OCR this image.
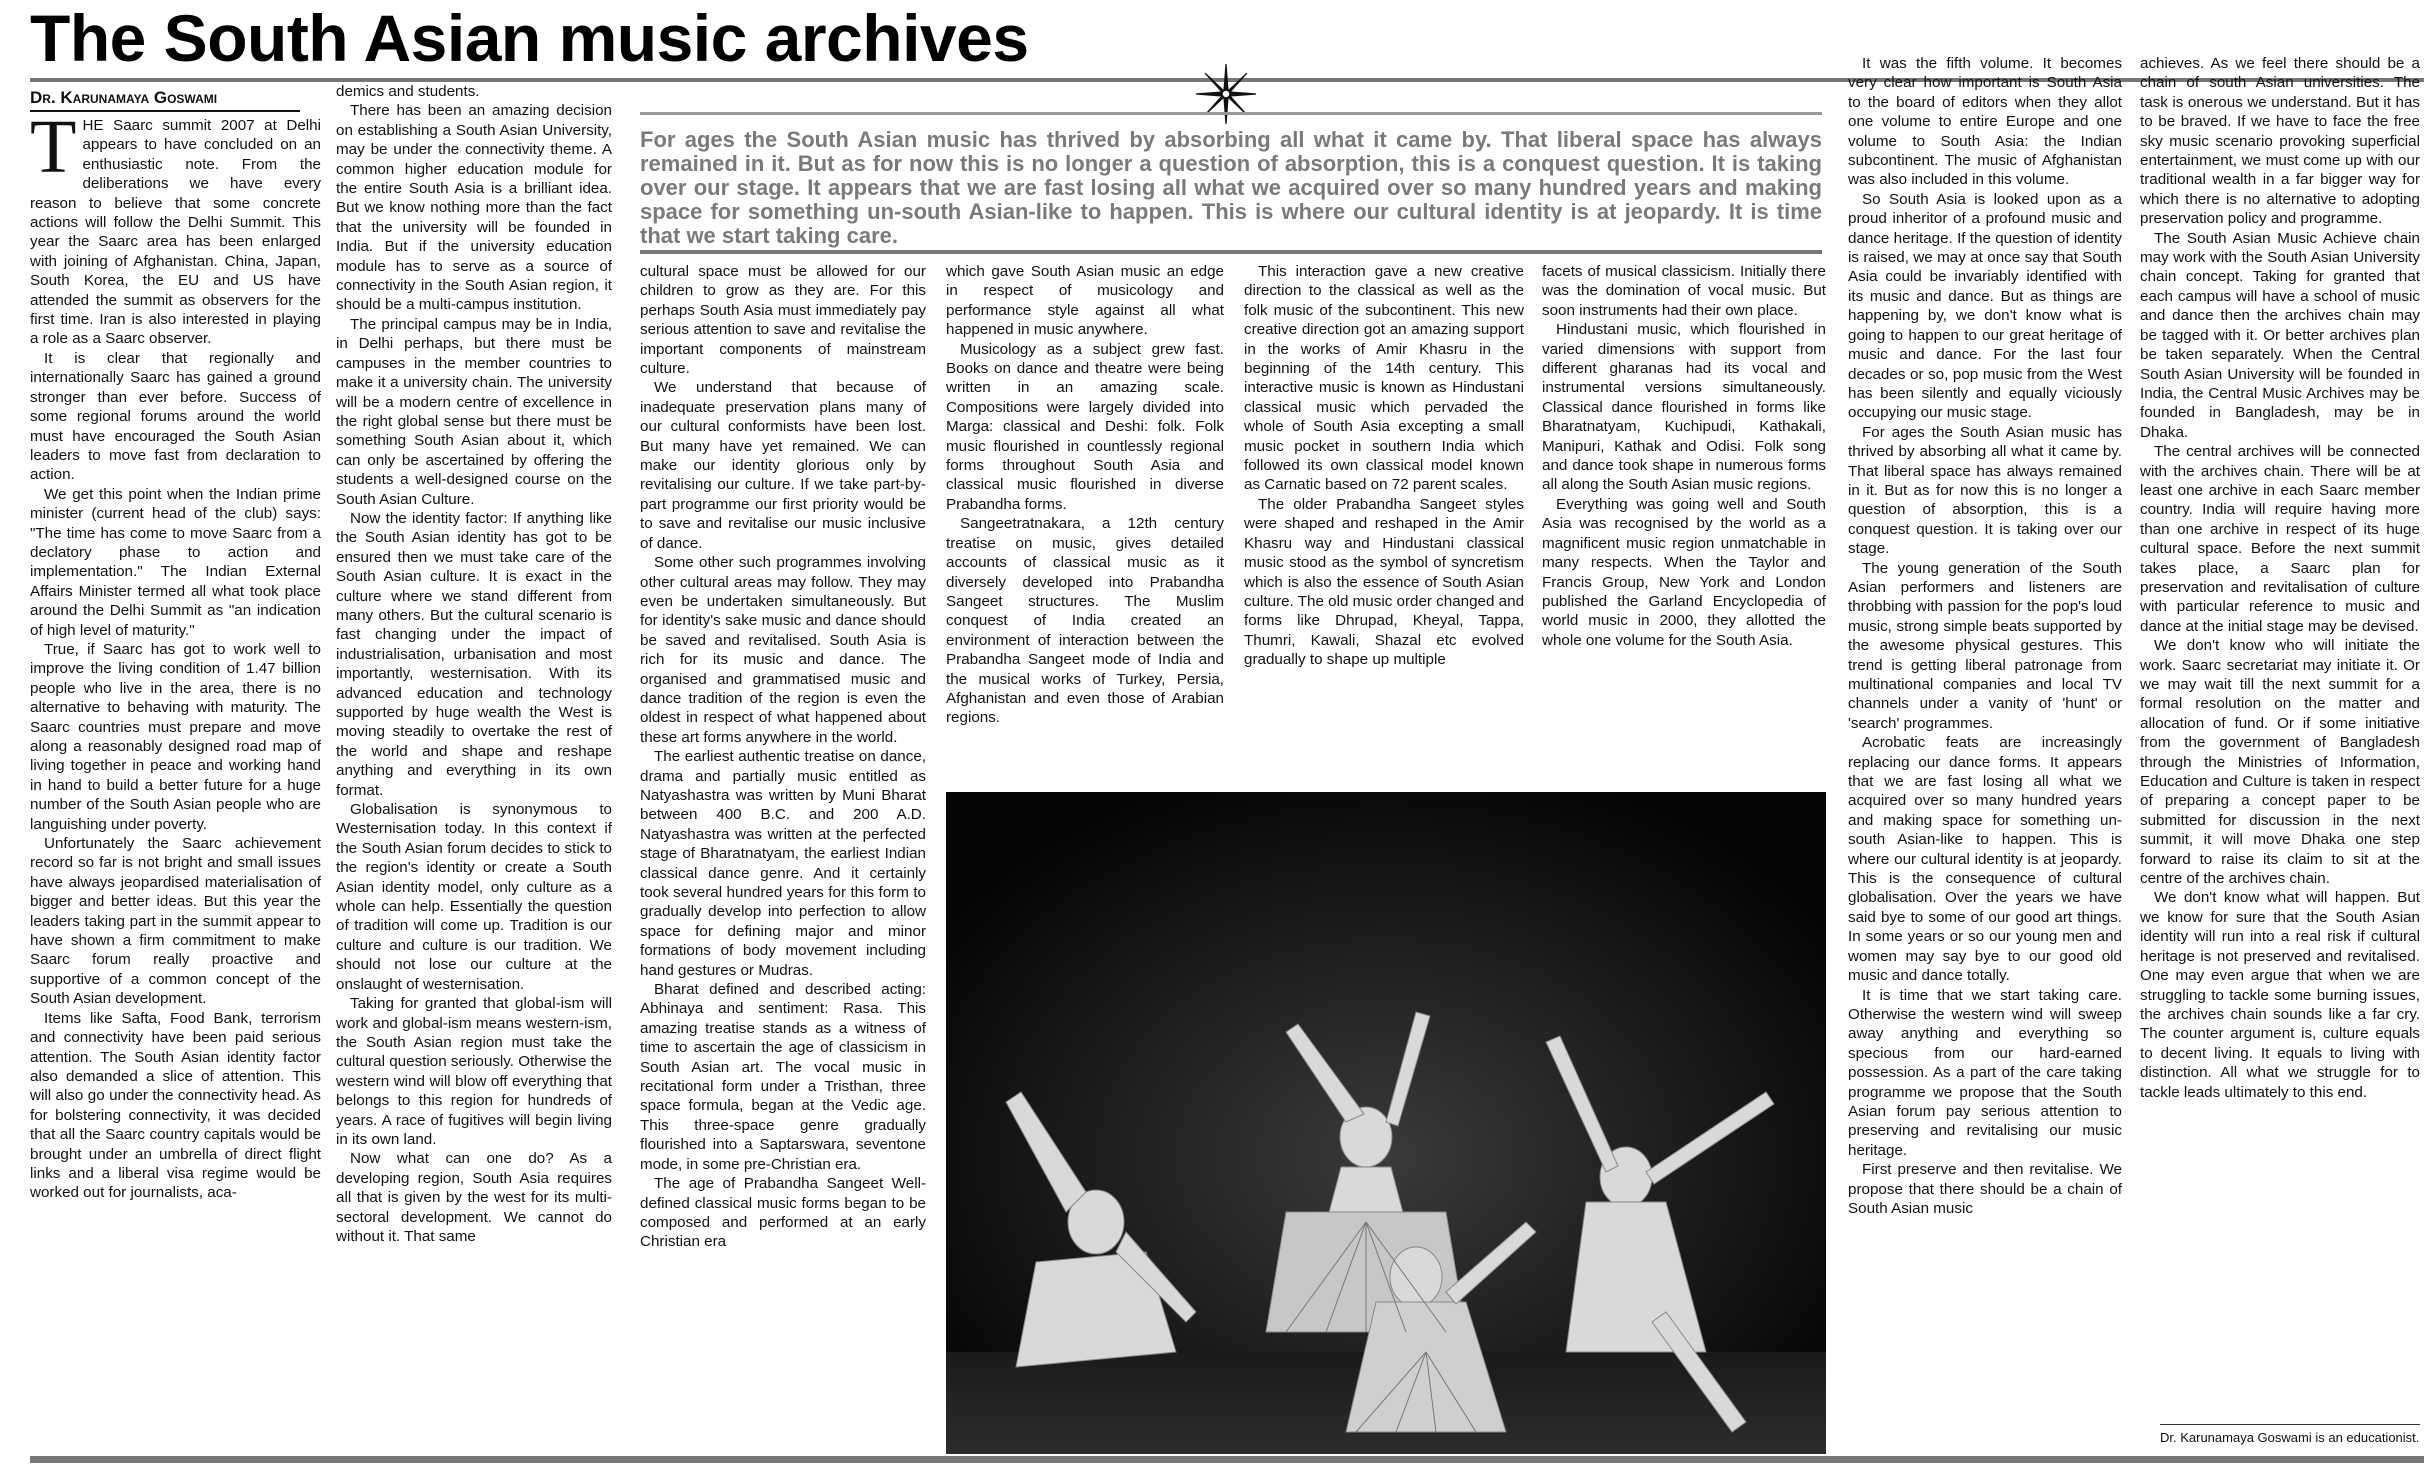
The South Asian music archives
Dr. Karunamaya Goswami
For ages the South Asian music has thrived by absorbing all what it came by. That liberal space has always remained in it. But as for now this is no longer a question of absorption, this is a conquest question. It is taking over our stage. It appears that we are fast losing all what we acquired over so many hundred years and making space for something un-south Asian-like to happen. This is where our cultural identity is at jeopardy. It is time that we start taking care.

THE Saarc summit 2007 at Delhi appears to have concluded on an enthusiastic note. From the deliberations we have every reason to believe that some concrete actions will follow the Delhi Summit. This year the Saarc area has been enlarged with joining of Afghanistan. China, Japan, South Korea, the EU and US have attended the summit as observers for the first time. Iran is also interested in playing a role as a Saarc observer.

It is clear that regionally and internationally Saarc has gained a ground stronger than ever before. Success of some regional forums around the world must have encouraged the South Asian leaders to move fast from declaration to action.

We get this point when the Indian prime minister (current head of the club) says: "The time has come to move Saarc from a declatory phase to action and implementation." The Indian External Affairs Minister termed all what took place around the Delhi Summit as "an indication of high level of maturity."

True, if Saarc has got to work well to improve the living condition of 1.47 billion people who live in the area, there is no alternative to behaving with maturity. The Saarc countries must prepare and move along a reasonably designed road map of living together in peace and working hand in hand to build a better future for a huge number of the South Asian people who are languishing under poverty.

Unfortunately the Saarc achievement record so far is not bright and small issues have always jeopardised materialisation of bigger and better ideas. But this year the leaders taking part in the summit appear to have shown a firm commitment to make Saarc forum really proactive and supportive of a common concept of the South Asian development.

Items like Safta, Food Bank, terrorism and connectivity have been paid serious attention. The South Asian identity factor also demanded a slice of attention. This will also go under the connectivity head. As for bolstering connectivity, it was decided that all the Saarc country capitals would be brought under an umbrella of direct flight links and a liberal visa regime would be worked out for journalists, aca-

demics and students.

There has been an amazing decision on establishing a South Asian University, may be under the connectivity theme. A common higher education module for the entire South Asia is a brilliant idea. But we know nothing more than the fact that the university will be founded in India. But if the university education module has to serve as a source of connectivity in the South Asian region, it should be a multi-campus institution.

The principal campus may be in India, in Delhi perhaps, but there must be campuses in the member countries to make it a university chain. The university will be a modern centre of excellence in the right global sense but there must be something South Asian about it, which can only be ascertained by offering the students a well-designed course on the South Asian Culture.

Now the identity factor: If anything like the South Asian identity has got to be ensured then we must take care of the South Asian culture. It is exact in the culture where we stand different from many others. But the cultural scenario is fast changing under the impact of industrialisation, urbanisation and most importantly, westernisation. With its advanced education and technology supported by huge wealth the West is moving steadily to overtake the rest of the world and shape and reshape anything and everything in its own format.

Globalisation is synonymous to Westernisation today. In this context if the South Asian forum decides to stick to the region's identity or create a South Asian identity model, only culture as a whole can help. Essentially the question of tradition will come up. Tradition is our culture and culture is our tradition. We should not lose our culture at the onslaught of westernisation.

Taking for granted that global-ism will work and global-ism means western-ism, the South Asian region must take the cultural question seriously. Otherwise the western wind will blow off everything that belongs to this region for hundreds of years. A race of fugitives will begin living in its own land.

Now what can one do? As a developing region, South Asia requires all that is given by the west for its multi-sectoral development. We cannot do without it. That same

cultural space must be allowed for our children to grow as they are. For this perhaps South Asia must immediately pay serious attention to save and revitalise the important components of mainstream culture.

We understand that because of inadequate preservation plans many of our cultural conformists have been lost. But many have yet remained. We can make our identity glorious only by revitalising our culture. If we take part-by-part programme our first priority would be to save and revitalise our music inclusive of dance.

Some other such programmes involving other cultural areas may follow. They may even be undertaken simultaneously. But for identity's sake music and dance should be saved and revitalised. South Asia is rich for its music and dance. The organised and grammatised music and dance tradition of the region is even the oldest in respect of what happened about these art forms anywhere in the world.

The earliest authentic treatise on dance, drama and partially music entitled as Natyashastra was written by Muni Bharat between 400 B.C. and 200 A.D. Natyashastra was written at the perfected stage of Bharatnatyam, the earliest Indian classical dance genre. And it certainly took several hundred years for this form to gradually develop into perfection to allow space for defining major and minor formations of body movement including hand gestures or Mudras.

Bharat defined and described acting: Abhinaya and sentiment: Rasa. This amazing treatise stands as a witness of time to ascertain the age of classicism in South Asian art. The vocal music in recitational form under a Tristhan, three space formula, began at the Vedic age. This three-space genre gradually flourished into a Saptarswara, seventone mode, in some pre-Christian era.

The age of Prabandha Sangeet Well-defined classical music forms began to be composed and performed at an early Christian era

which gave South Asian music an edge in respect of musicology and performance style against all what happened in music anywhere.

Musicology as a subject grew fast. Books on dance and theatre were being written in an amazing scale. Compositions were largely divided into Marga: classical and Deshi: folk. Folk music flourished in countlessly regional forms throughout South Asia and classical music flourished in diverse Prabandha forms.

Sangeetratnakara, a 12th century treatise on music, gives detailed accounts of classical music as it diversely developed into Prabandha Sangeet structures. The Muslim conquest of India created an environment of interaction between the Prabandha Sangeet mode of India and the musical works of Turkey, Persia, Afghanistan and even those of Arabian regions.

This interaction gave a new creative direction to the classical as well as the folk music of the subcontinent. This new creative direction got an amazing support in the works of Amir Khasru in the beginning of the 14th century. This interactive music is known as Hindustani classical music which pervaded the whole of South Asia excepting a small music pocket in southern India which followed its own classical model known as Carnatic based on 72 parent scales.

The older Prabandha Sangeet styles were shaped and reshaped in the Amir Khasru way and Hindustani classical music stood as the symbol of syncretism which is also the essence of South Asian culture. The old music order changed and forms like Dhrupad, Kheyal, Tappa, Thumri, Kawali, Shazal etc evolved gradually to shape up multiple

facets of musical classicism. Initially there was the domination of vocal music. But soon instruments had their own place.

Hindustani music, which flourished in varied dimensions with support from different gharanas had its vocal and instrumental versions simultaneously. Classical dance flourished in forms like Bharatnatyam, Kuchipudi, Kathakali, Manipuri, Kathak and Odisi. Folk song and dance took shape in numerous forms all along the South Asian music regions.

Everything was going well and South Asia was recognised by the world as a magnificent music region unmatchable in many respects. When the Taylor and Francis Group, New York and London published the Garland Encyclopedia of world music in 2000, they allotted the whole one volume for the South Asia.

It was the fifth volume. It becomes very clear how important is South Asia to the board of editors when they allot one volume to entire Europe and one volume to South Asia: the Indian subcontinent. The music of Afghanistan was also included in this volume.

So South Asia is looked upon as a proud inheritor of a profound music and dance heritage. If the question of identity is raised, we may at once say that South Asia could be invariably identified with its music and dance. But as things are happening by, we don't know what is going to happen to our great heritage of music and dance. For the last four decades or so, pop music from the West has been silently and equally viciously occupying our music stage.

For ages the South Asian music has thrived by absorbing all what it came by. That liberal space has always remained in it. But as for now this is no longer a question of absorption, this is a conquest question. It is taking over our stage.

The young generation of the South Asian performers and listeners are throbbing with passion for the pop's loud music, strong simple beats supported by the awesome physical gestures. This trend is getting liberal patronage from multinational companies and local TV channels under a vanity of 'hunt' or 'search' programmes.

Acrobatic feats are increasingly replacing our dance forms. It appears that we are fast losing all what we acquired over so many hundred years and making space for something un-south Asian-like to happen. This is where our cultural identity is at jeopardy. This is the consequence of cultural globalisation. Over the years we have said bye to some of our good art things. In some years or so our young men and women may say bye to our good old music and dance totally.

It is time that we start taking care. Otherwise the western wind will sweep away anything and everything so specious from our hard-earned possession. As a part of the care taking programme we propose that the South Asian forum pay serious attention to preserving and revitalising our music heritage.

First preserve and then revitalise. We propose that there should be a chain of South Asian music

achieves. As we feel there should be a chain of south Asian universities. The task is onerous we understand. But it has to be braved. If we have to face the free sky music scenario provoking superficial entertainment, we must come up with our traditional wealth in a far bigger way for which there is no alternative to adopting preservation policy and programme.

The South Asian Music Achieve chain may work with the South Asian University chain concept. Taking for granted that each campus will have a school of music and dance then the archives chain may be tagged with it. Or better archives plan be taken separately. When the Central South Asian University will be founded in India, the Central Music Archives may be founded in Bangladesh, may be in Dhaka.

The central archives will be connected with the archives chain. There will be at least one archive in each Saarc member country. India will require having more than one archive in respect of its huge cultural space. Before the next summit takes place, a Saarc plan for preservation and revitalisation of culture with particular reference to music and dance at the initial stage may be devised.

We don't know who will initiate the work. Saarc secretariat may initiate it. Or we may wait till the next summit for a formal resolution on the matter and allocation of fund. Or if some initiative from the government of Bangladesh through the Ministries of Information, Education and Culture is taken in respect of preparing a concept paper to be submitted for discussion in the next summit, it will move Dhaka one step forward to raise its claim to sit at the centre of the archives chain.

We don't know what will happen. But we know for sure that the South Asian identity will run into a real risk if cultural heritage is not preserved and revitalised. One may even argue that when we are struggling to tackle some burning issues, the archives chain sounds like a far cry. The counter argument is, culture equals to decent living. It equals to living with distinction. All what we struggle for to tackle leads ultimately to this end.

Dr. Karunamaya Goswami is an educationist.
